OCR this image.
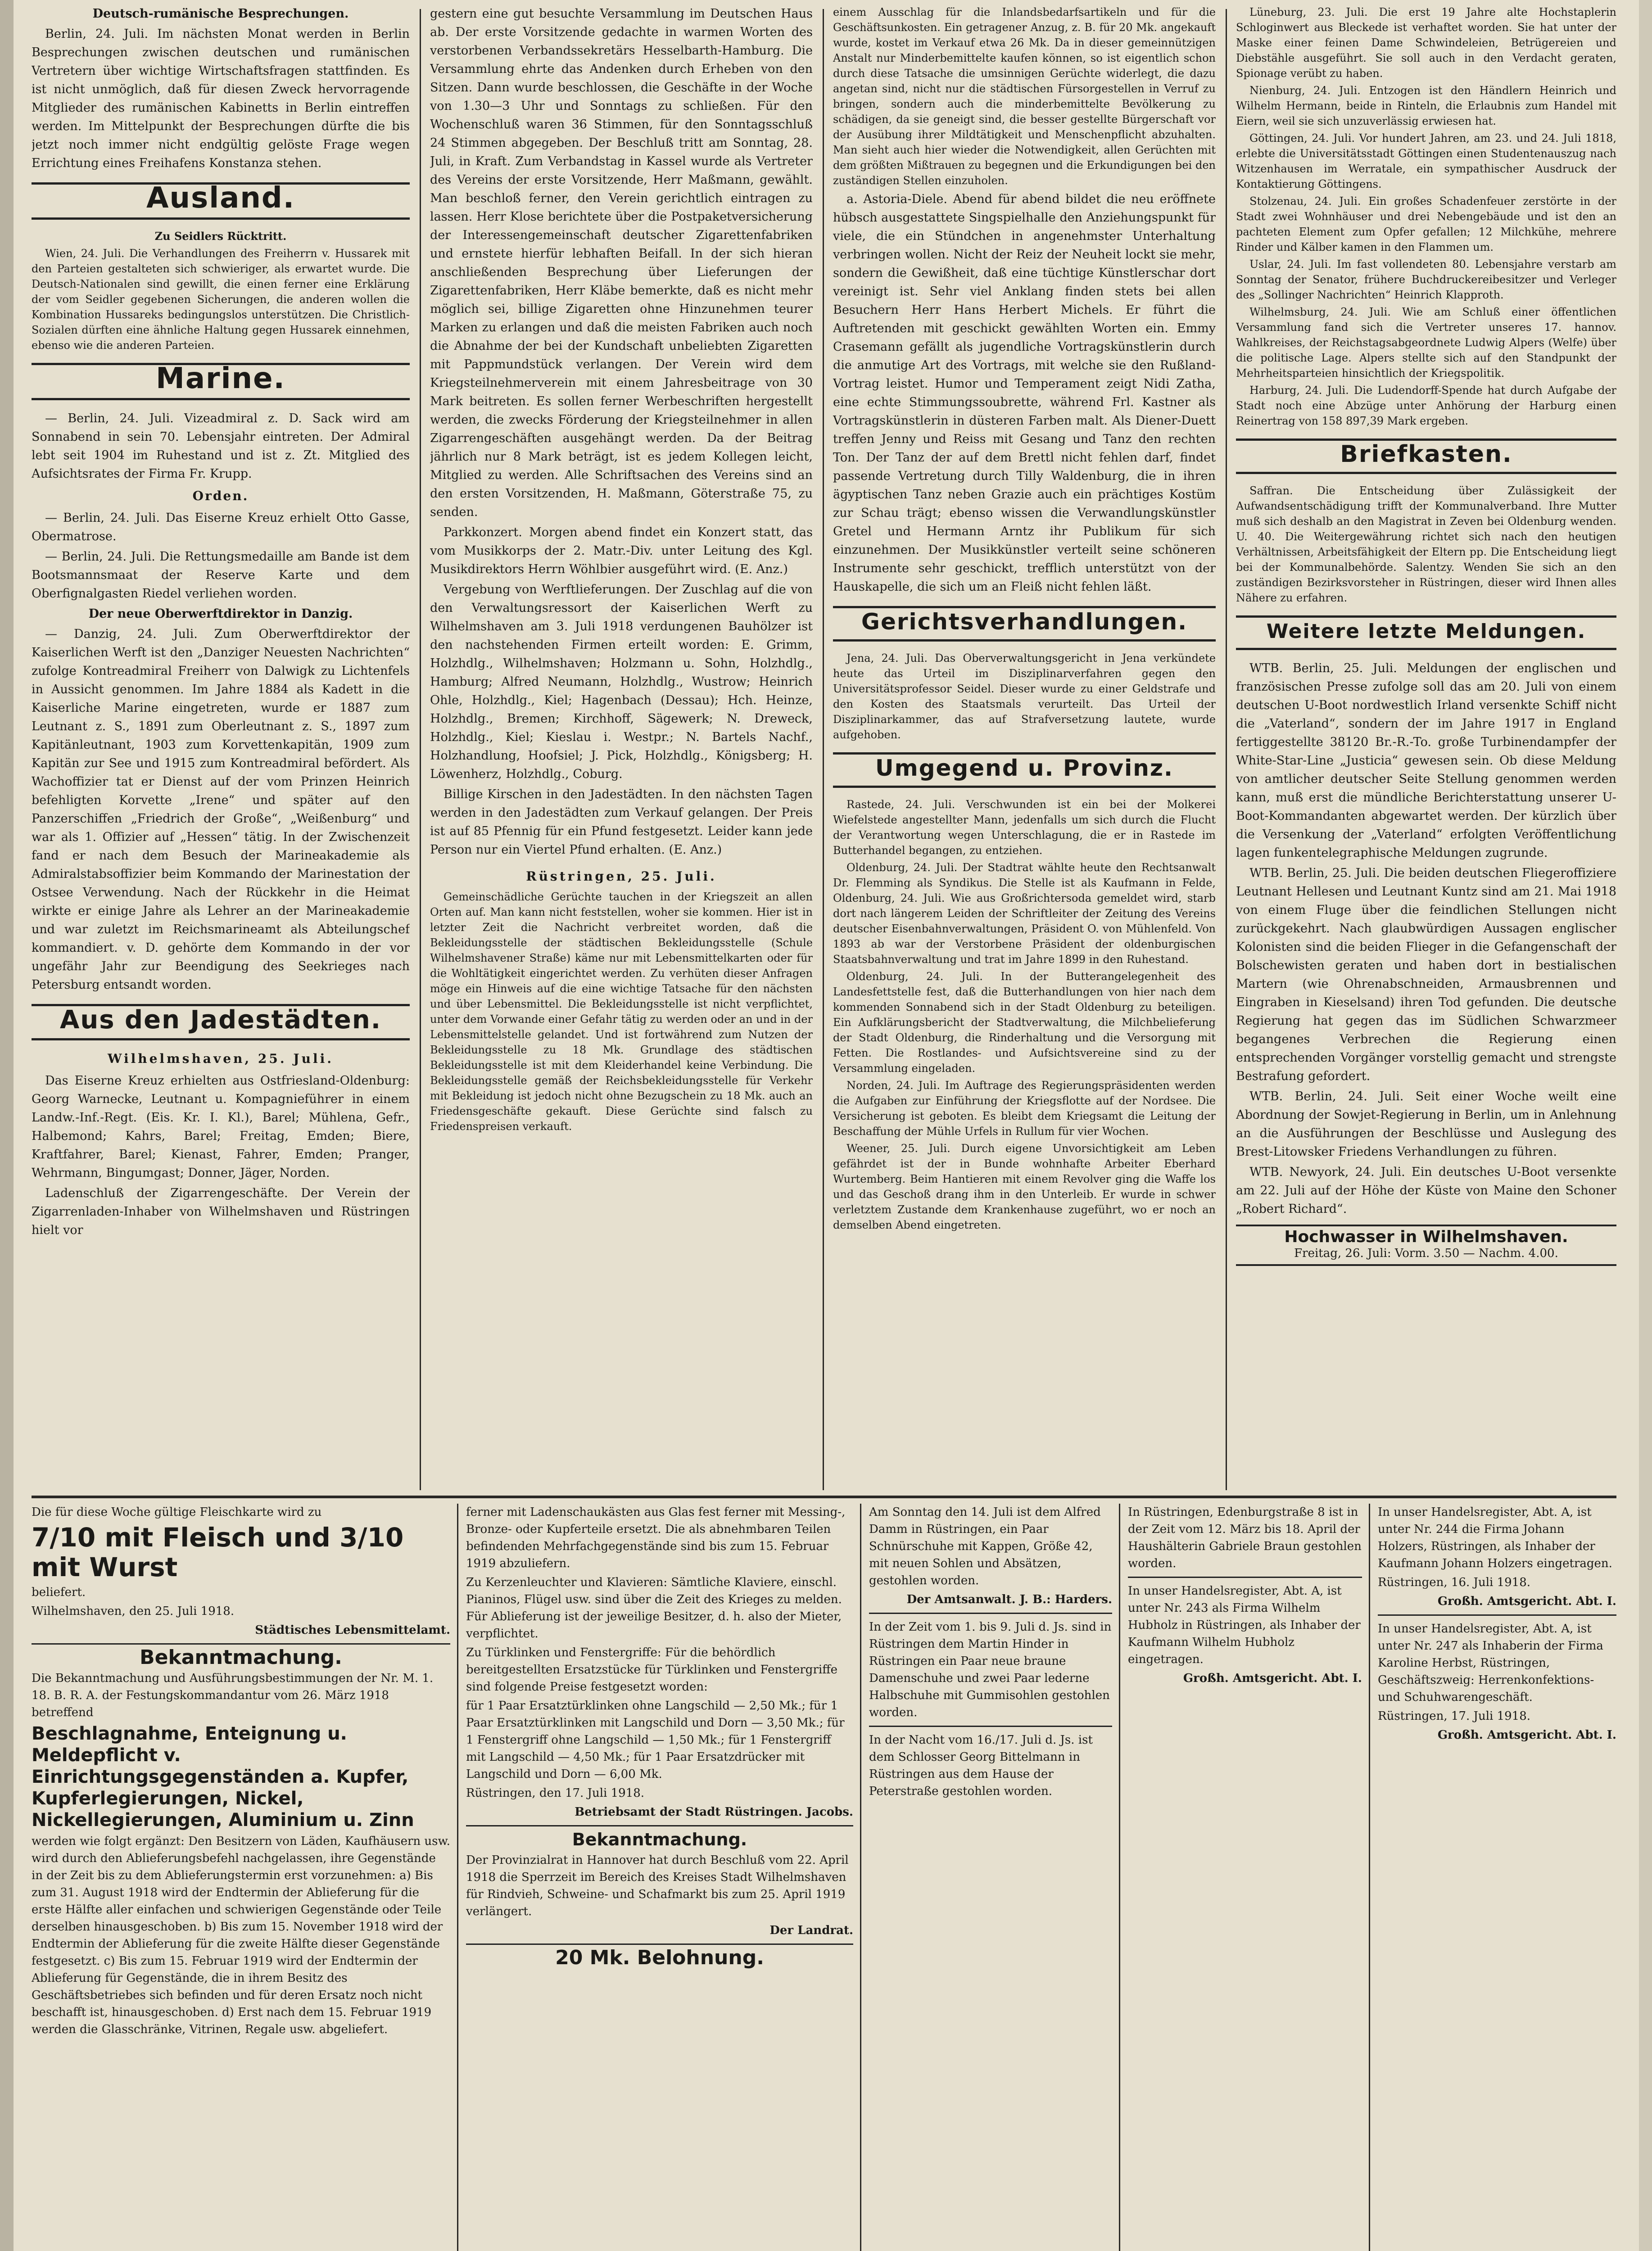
Deutsch-rumänische Besprechungen.

Berlin, 24. Juli. Im nächsten Monat werden in Berlin Besprechungen zwischen deutschen und rumänischen Vertretern über wichtige Wirtschaftsfragen stattfinden. Es ist nicht unmöglich, daß für diesen Zweck hervorragende Mitglieder des rumänischen Kabinetts in Berlin eintreffen werden. Im Mittelpunkt der Besprechungen dürfte die bis jetzt noch immer nicht endgültig gelöste Frage wegen Errichtung eines Freihafens Konstanza stehen.

Ausland.

Zu Seidlers Rücktritt.

Wien, 24. Juli. Die Verhandlungen des Freiherrn v. Hussarek mit den Parteien gestalteten sich schwieriger, als erwartet wurde. Die Deutsch-Nationalen sind gewillt, die einen ferner eine Erklärung der vom Seidler gegebenen Sicherungen, die anderen wollen die Kombination Hussareks bedingungslos unterstützen. Die Christlich-Sozialen dürften eine ähnliche Haltung gegen Hussarek einnehmen, ebenso wie die anderen Parteien.

Marine.

— Berlin, 24. Juli. Vizeadmiral z. D. Sack wird am Sonnabend in sein 70. Lebensjahr eintreten. Der Admiral lebt seit 1904 im Ruhestand und ist z. Zt. Mitglied des Aufsichtsrates der Firma Fr. Krupp.

Orden.

— Berlin, 24. Juli. Das Eiserne Kreuz erhielt Otto Gasse, Obermatrose.

— Berlin, 24. Juli. Die Rettungsmedaille am Bande ist dem Bootsmannsmaat der Reserve Karte und dem Oberfignalgasten Riedel verliehen worden.

Der neue Oberwerftdirektor in Danzig.

— Danzig, 24. Juli. Zum Oberwerftdirektor der Kaiserlichen Werft ist den „Danziger Neuesten Nachrichten“ zufolge Kontreadmiral Freiherr von Dalwigk zu Lichtenfels in Aussicht genommen. Im Jahre 1884 als Kadett in die Kaiserliche Marine eingetreten, wurde er 1887 zum Leutnant z. S., 1891 zum Oberleutnant z. S., 1897 zum Kapitänleutnant, 1903 zum Korvettenkapitän, 1909 zum Kapitän zur See und 1915 zum Kontreadmiral befördert. Als Wachoffizier tat er Dienst auf der vom Prinzen Heinrich befehligten Korvette „Irene“ und später auf den Panzerschiffen „Friedrich der Große“, „Weißenburg“ und war als 1. Offizier auf „Hessen“ tätig. In der Zwischenzeit fand er nach dem Besuch der Marineakademie als Admiralstabsoffizier beim Kommando der Marinestation der Ostsee Verwendung. Nach der Rückkehr in die Heimat wirkte er einige Jahre als Lehrer an der Marineakademie und war zuletzt im Reichsmarineamt als Abteilungschef kommandiert. v. D. gehörte dem Kommando in der vor ungefähr Jahr zur Beendigung des Seekrieges nach Petersburg entsandt worden.

Aus den Jadestädten.
Wilhelmshaven, 25. Juli.

Das Eiserne Kreuz erhielten aus Ostfriesland-Oldenburg: Georg Warnecke, Leutnant u. Kompagnieführer in einem Landw.-Inf.-Regt. (Eis. Kr. I. Kl.), Barel; Mühlena, Gefr., Halbemond; Kahrs, Barel; Freitag, Emden; Biere, Kraftfahrer, Barel; Kienast, Fahrer, Emden; Pranger, Wehrmann, Bingumgast; Donner, Jäger, Norden.

Ladenschluß der Zigarrengeschäfte. Der Verein der Zigarrenladen-Inhaber von Wilhelmshaven und Rüstringen hielt vor

gestern eine gut besuchte Versammlung im Deutschen Haus ab. Der erste Vorsitzende gedachte in warmen Worten des verstorbenen Verbandssekretärs Hesselbarth-Hamburg. Die Versammlung ehrte das Andenken durch Erheben von den Sitzen. Dann wurde beschlossen, die Geschäfte in der Woche von 1.30—3 Uhr und Sonntags zu schließen. Für den Wochenschluß waren 36 Stimmen, für den Sonntagsschluß 24 Stimmen abgegeben. Der Beschluß tritt am Sonntag, 28. Juli, in Kraft. Zum Verbandstag in Kassel wurde als Vertreter des Vereins der erste Vorsitzende, Herr Maßmann, gewählt. Man beschloß ferner, den Verein gerichtlich eintragen zu lassen. Herr Klose berichtete über die Postpaketversicherung der Interessengemeinschaft deutscher Zigarettenfabriken und ernstete hierfür lebhaften Beifall. In der sich hieran anschließenden Besprechung über Lieferungen der Zigarettenfabriken, Herr Kläbe bemerkte, daß es nicht mehr möglich sei, billige Zigaretten ohne Hinzunehmen teurer Marken zu erlangen und daß die meisten Fabriken auch noch die Abnahme der bei der Kundschaft unbeliebten Zigaretten mit Pappmundstück verlangen. Der Verein wird dem Kriegsteilnehmerverein mit einem Jahresbeitrage von 30 Mark beitreten. Es sollen ferner Werbeschriften hergestellt werden, die zwecks Förderung der Kriegsteilnehmer in allen Zigarrengeschäften ausgehängt werden. Da der Beitrag jährlich nur 8 Mark beträgt, ist es jedem Kollegen leicht, Mitglied zu werden. Alle Schriftsachen des Vereins sind an den ersten Vorsitzenden, H. Maßmann, Göterstraße 75, zu senden.

Parkkonzert. Morgen abend findet ein Konzert statt, das vom Musikkorps der 2. Matr.-Div. unter Leitung des Kgl. Musikdirektors Herrn Wöhlbier ausgeführt wird. (E. Anz.)

Vergebung von Werftlieferungen. Der Zuschlag auf die von den Verwaltungsressort der Kaiserlichen Werft zu Wilhelmshaven am 3. Juli 1918 verdungenen Bauhölzer ist den nachstehenden Firmen erteilt worden: E. Grimm, Holzhdlg., Wilhelmshaven; Holzmann u. Sohn, Holzhdlg., Hamburg; Alfred Neumann, Holzhdlg., Wustrow; Heinrich Ohle, Holzhdlg., Kiel; Hagenbach (Dessau); Hch. Heinze, Holzhdlg., Bremen; Kirchhoff, Sägewerk; N. Dreweck, Holzhdlg., Kiel; Kieslau i. Westpr.; N. Bartels Nachf., Holzhandlung, Hoofsiel; J. Pick, Holzhdlg., Königsberg; H. Löwenherz, Holzhdlg., Coburg.

Billige Kirschen in den Jadestädten. In den nächsten Tagen werden in den Jadestädten zum Verkauf gelangen. Der Preis ist auf 85 Pfennig für ein Pfund festgesetzt. Leider kann jede Person nur ein Viertel Pfund erhalten. (E. Anz.)

Rüstringen, 25. Juli.

Gemeinschädliche Gerüchte tauchen in der Kriegszeit an allen Orten auf. Man kann nicht feststellen, woher sie kommen. Hier ist in letzter Zeit die Nachricht verbreitet worden, daß die Bekleidungsstelle der städtischen Bekleidungsstelle (Schule Wilhelmshavener Straße) käme nur mit Lebensmittelkarten oder für die Wohltätigkeit eingerichtet werden. Zu verhüten dieser Anfragen möge ein Hinweis auf die eine wichtige Tatsache für den nächsten und über Lebensmittel. Die Bekleidungsstelle ist nicht verpflichtet, unter dem Vorwande einer Gefahr tätig zu werden oder an und in der Lebensmittelstelle gelandet. Und ist fortwährend zum Nutzen der Bekleidungsstelle zu 18 Mk. Grundlage des städtischen Bekleidungsstelle ist mit dem Kleiderhandel keine Verbindung. Die Bekleidungsstelle gemäß der Reichsbekleidungsstelle für Verkehr mit Bekleidung ist jedoch nicht ohne Bezugschein zu 18 Mk. auch an Friedensgeschäfte gekauft. Diese Gerüchte sind falsch zu Friedenspreisen verkauft.

einem Ausschlag für die Inlandsbedarfsartikeln und für die Geschäftsunkosten. Ein getragener Anzug, z. B. für 20 Mk. angekauft wurde, kostet im Verkauf etwa 26 Mk. Da in dieser gemeinnützigen Anstalt nur Minderbemittelte kaufen können, so ist eigentlich schon durch diese Tatsache die umsinnigen Gerüchte widerlegt, die dazu angetan sind, nicht nur die städtischen Fürsorgestellen in Verruf zu bringen, sondern auch die minderbemittelte Bevölkerung zu schädigen, da sie geneigt sind, die besser gestellte Bürgerschaft vor der Ausübung ihrer Mildtätigkeit und Menschenpflicht abzuhalten. Man sieht auch hier wieder die Notwendigkeit, allen Gerüchten mit dem größten Mißtrauen zu begegnen und die Erkundigungen bei den zuständigen Stellen einzuholen.

a. Astoria-Diele. Abend für abend bildet die neu eröffnete hübsch ausgestattete Singspielhalle den Anziehungspunkt für viele, die ein Stündchen in angenehmster Unterhaltung verbringen wollen. Nicht der Reiz der Neuheit lockt sie mehr, sondern die Gewißheit, daß eine tüchtige Künstlerschar dort vereinigt ist. Sehr viel Anklang finden stets bei allen Besuchern Herr Hans Herbert Michels. Er führt die Auftretenden mit geschickt gewählten Worten ein. Emmy Crasemann gefällt als jugendliche Vortragskünstlerin durch die anmutige Art des Vortrags, mit welche sie den Rußland-Vortrag leistet. Humor und Temperament zeigt Nidi Zatha, eine echte Stimmungssoubrette, während Frl. Kastner als Vortragskünstlerin in düsteren Farben malt. Als Diener-Duett treffen Jenny und Reiss mit Gesang und Tanz den rechten Ton. Der Tanz der auf dem Brettl nicht fehlen darf, findet passende Vertretung durch Tilly Waldenburg, die in ihren ägyptischen Tanz neben Grazie auch ein prächtiges Kostüm zur Schau trägt; ebenso wissen die Verwandlungskünstler Gretel und Hermann Arntz ihr Publikum für sich einzunehmen. Der Musikkünstler verteilt seine schöneren Instrumente sehr geschickt, trefflich unterstützt von der Hauskapelle, die sich um an Fleiß nicht fehlen läßt.

Gerichtsverhandlungen.

Jena, 24. Juli. Das Oberverwaltungsgericht in Jena verkündete heute das Urteil im Disziplinarverfahren gegen den Universitätsprofessor Seidel. Dieser wurde zu einer Geldstrafe und den Kosten des Staatsmals verurteilt. Das Urteil der Disziplinarkammer, das auf Strafversetzung lautete, wurde aufgehoben.

Umgegend u. Provinz.

Rastede, 24. Juli. Verschwunden ist ein bei der Molkerei Wiefelstede angestellter Mann, jedenfalls um sich durch die Flucht der Verantwortung wegen Unterschlagung, die er in Rastede im Butterhandel begangen, zu entziehen.

Oldenburg, 24. Juli. Der Stadtrat wählte heute den Rechtsanwalt Dr. Flemming als Syndikus. Die Stelle ist als Kaufmann in Felde, Oldenburg, 24. Juli. Wie aus Großrichtersoda gemeldet wird, starb dort nach längerem Leiden der Schriftleiter der Zeitung des Vereins deutscher Eisenbahnverwaltungen, Präsident O. von Mühlenfeld. Von 1893 ab war der Verstorbene Präsident der oldenburgischen Staatsbahnverwaltung und trat im Jahre 1899 in den Ruhestand.

Oldenburg, 24. Juli. In der Butterangelegenheit des Landesfettstelle fest, daß die Butterhandlungen von hier nach dem kommenden Sonnabend sich in der Stadt Oldenburg zu beteiligen. Ein Aufklärungsbericht der Stadtverwaltung, die Milchbelieferung der Stadt Oldenburg, die Rinderhaltung und die Versorgung mit Fetten. Die Rostlandes- und Aufsichtsvereine sind zu der Versammlung eingeladen.

Norden, 24. Juli. Im Auftrage des Regierungspräsidenten werden die Aufgaben zur Einführung der Kriegsflotte auf der Nordsee. Die Versicherung ist geboten. Es bleibt dem Kriegsamt die Leitung der Beschaffung der Mühle Urfels in Rullum für vier Wochen.

Weener, 25. Juli. Durch eigene Unvorsichtigkeit am Leben gefährdet ist der in Bunde wohnhafte Arbeiter Eberhard Wurtemberg. Beim Hantieren mit einem Revolver ging die Waffe los und das Geschoß drang ihm in den Unterleib. Er wurde in schwer verletztem Zustande dem Krankenhause zugeführt, wo er noch an demselben Abend eingetreten.

Lüneburg, 23. Juli. Die erst 19 Jahre alte Hochstaplerin Schloginwert aus Bleckede ist verhaftet worden. Sie hat unter der Maske einer feinen Dame Schwindeleien, Betrügereien und Diebstähle ausgeführt. Sie soll auch in den Verdacht geraten, Spionage verübt zu haben.

Nienburg, 24. Juli. Entzogen ist den Händlern Heinrich und Wilhelm Hermann, beide in Rinteln, die Erlaubnis zum Handel mit Eiern, weil sie sich unzuverlässig erwiesen hat.

Göttingen, 24. Juli. Vor hundert Jahren, am 23. und 24. Juli 1818, erlebte die Universitätsstadt Göttingen einen Studentenauszug nach Witzenhausen im Werratale, ein sympathischer Ausdruck der Kontaktierung Göttingens.

Stolzenau, 24. Juli. Ein großes Schadenfeuer zerstörte in der Stadt zwei Wohnhäuser und drei Nebengebäude und ist den an pachteten Element zum Opfer gefallen; 12 Milchkühe, mehrere Rinder und Kälber kamen in den Flammen um.

Uslar, 24. Juli. Im fast vollendeten 80. Lebensjahre verstarb am Sonntag der Senator, frühere Buchdruckereibesitzer und Verleger des „Sollinger Nachrichten“ Heinrich Klapproth.

Wilhelmsburg, 24. Juli. Wie am Schluß einer öffentlichen Versammlung fand sich die Vertreter unseres 17. hannov. Wahlkreises, der Reichstagsabgeordnete Ludwig Alpers (Welfe) über die politische Lage. Alpers stellte sich auf den Standpunkt der Mehrheitsparteien hinsichtlich der Kriegspolitik.

Harburg, 24. Juli. Die Ludendorff-Spende hat durch Aufgabe der Stadt noch eine Abzüge unter Anhörung der Harburg einen Reinertrag von 158 897,39 Mark ergeben.

Briefkasten.

Saffran. Die Entscheidung über Zulässigkeit der Aufwandsentschädigung trifft der Kommunalverband. Ihre Mutter muß sich deshalb an den Magistrat in Zeven bei Oldenburg wenden. U. 40. Die Weitergewährung richtet sich nach den heutigen Verhältnissen, Arbeitsfähigkeit der Eltern pp. Die Entscheidung liegt bei der Kommunalbehörde. Salentzy. Wenden Sie sich an den zuständigen Bezirksvorsteher in Rüstringen, dieser wird Ihnen alles Nähere zu erfahren.

Weitere letzte Meldungen.

WTB. Berlin, 25. Juli. Meldungen der englischen und französischen Presse zufolge soll das am 20. Juli von einem deutschen U-Boot nordwestlich Irland versenkte Schiff nicht die „Vaterland“, sondern der im Jahre 1917 in England fertiggestellte 38120 Br.-R.-To. große Turbinendampfer der White-Star-Line „Justicia“ gewesen sein. Ob diese Meldung von amtlicher deutscher Seite Stellung genommen werden kann, muß erst die mündliche Berichterstattung unserer U-Boot-Kommandanten abgewartet werden. Der kürzlich über die Versenkung der „Vaterland“ erfolgten Veröffentlichung lagen funkentelegraphische Meldungen zugrunde.

WTB. Berlin, 25. Juli. Die beiden deutschen Fliegeroffiziere Leutnant Hellesen und Leutnant Kuntz sind am 21. Mai 1918 von einem Fluge über die feindlichen Stellungen nicht zurückgekehrt. Nach glaubwürdigen Aussagen englischer Kolonisten sind die beiden Flieger in die Gefangenschaft der Bolschewisten geraten und haben dort in bestialischen Martern (wie Ohrenabschneiden, Armausbrennen und Eingraben in Kieselsand) ihren Tod gefunden. Die deutsche Regierung hat gegen das im Südlichen Schwarzmeer begangenes Verbrechen die Regierung einen entsprechenden Vorgänger vorstellig gemacht und strengste Bestrafung gefordert.

WTB. Berlin, 24. Juli. Seit einer Woche weilt eine Abordnung der Sowjet-Regierung in Berlin, um in Anlehnung an die Ausführungen der Beschlüsse und Auslegung des Brest-Litowsker Friedens Verhandlungen zu führen.

WTB. Newyork, 24. Juli. Ein deutsches U-Boot versenkte am 22. Juli auf der Höhe der Küste von Maine den Schoner „Robert Richard“.

Hochwasser in Wilhelmshaven.
Freitag, 26. Juli: Vorm. 3.50 — Nachm. 4.00.

Die für diese Woche gültige Fleischkarte wird zu

7/10 mit Fleisch und 3/10 mit Wurst

beliefert.

Wilhelmshaven, den 25. Juli 1918.

Städtisches Lebensmittelamt.

Bekanntmachung.

Die Bekanntmachung und Ausführungsbestimmungen der Nr. M. 1. 18. B. R. A. der Festungskommandantur vom 26. März 1918 betreffend

Beschlagnahme, Enteignung u. Meldepflicht v. Einrichtungsgegenständen a. Kupfer, Kupferlegierungen, Nickel, Nickellegierungen, Aluminium u. Zinn

werden wie folgt ergänzt: Den Besitzern von Läden, Kaufhäusern usw. wird durch den Ablieferungsbefehl nachgelassen, ihre Gegenstände in der Zeit bis zu dem Ablieferungstermin erst vorzunehmen: a) Bis zum 31. August 1918 wird der Endtermin der Ablieferung für die erste Hälfte aller einfachen und schwierigen Gegenstände oder Teile derselben hinausgeschoben. b) Bis zum 15. November 1918 wird der Endtermin der Ablieferung für die zweite Hälfte dieser Gegenstände festgesetzt. c) Bis zum 15. Februar 1919 wird der Endtermin der Ablieferung für Gegenstände, die in ihrem Besitz des Geschäftsbetriebes sich befinden und für deren Ersatz noch nicht beschafft ist, hinausgeschoben. d) Erst nach dem 15. Februar 1919 werden die Glasschränke, Vitrinen, Regale usw. abgeliefert.

ferner mit Ladenschaukästen aus Glas fest ferner mit Messing-, Bronze- oder Kupferteile ersetzt. Die als abnehmbaren Teilen befindenden Mehrfachgegenstände sind bis zum 15. Februar 1919 abzuliefern.

Zu Kerzenleuchter und Klavieren: Sämtliche Klaviere, einschl. Pianinos, Flügel usw. sind über die Zeit des Krieges zu melden. Für Ablieferung ist der jeweilige Besitzer, d. h. also der Mieter, verpflichtet.

Zu Türklinken und Fenstergriffe: Für die behördlich bereitgestellten Ersatzstücke für Türklinken und Fenstergriffe sind folgende Preise festgesetzt worden:

für 1 Paar Ersatztürklinken ohne Langschild — 2,50 Mk.; für 1 Paar Ersatztürklinken mit Langschild und Dorn — 3,50 Mk.; für 1 Fenstergriff ohne Langschild — 1,50 Mk.; für 1 Fenstergriff mit Langschild — 4,50 Mk.; für 1 Paar Ersatzdrücker mit Langschild und Dorn — 6,00 Mk.

Rüstringen, den 17. Juli 1918.

Betriebsamt der Stadt Rüstringen. Jacobs.

Bekanntmachung.

Der Provinzialrat in Hannover hat durch Beschluß vom 22. April 1918 die Sperrzeit im Bereich des Kreises Stadt Wilhelmshaven für Rindvieh, Schweine- und Schafmarkt bis zum 25. April 1919 verlängert.

Der Landrat.

20 Mk. Belohnung.

Am Sonntag den 14. Juli ist dem Alfred Damm in Rüstringen, ein Paar Schnürschuhe mit Kappen, Größe 42, mit neuen Sohlen und Absätzen, gestohlen worden.

Der Amtsanwalt. J. B.: Harders.

In der Zeit vom 1. bis 9. Juli d. Js. sind in Rüstringen dem Martin Hinder in Rüstringen ein Paar neue braune Damenschuhe und zwei Paar lederne Halbschuhe mit Gummisohlen gestohlen worden.

In der Nacht vom 16./17. Juli d. Js. ist dem Schlosser Georg Bittelmann in Rüstringen aus dem Hause der Peterstraße gestohlen worden.

In Rüstringen, Edenburgstraße 8 ist in der Zeit vom 12. März bis 18. April der Haushälterin Gabriele Braun gestohlen worden.

In unser Handelsregister, Abt. A, ist unter Nr. 243 als Firma Wilhelm Hubholz in Rüstringen, als Inhaber der Kaufmann Wilhelm Hubholz eingetragen.

Großh. Amtsgericht. Abt. I.

In unser Handelsregister, Abt. A, ist unter Nr. 244 die Firma Johann Holzers, Rüstringen, als Inhaber der Kaufmann Johann Holzers eingetragen.

Rüstringen, 16. Juli 1918.

Großh. Amtsgericht. Abt. I.

In unser Handelsregister, Abt. A, ist unter Nr. 247 als Inhaberin der Firma Karoline Herbst, Rüstringen, Geschäftszweig: Herrenkonfektions- und Schuhwarengeschäft.

Rüstringen, 17. Juli 1918.

Großh. Amtsgericht. Abt. I.
